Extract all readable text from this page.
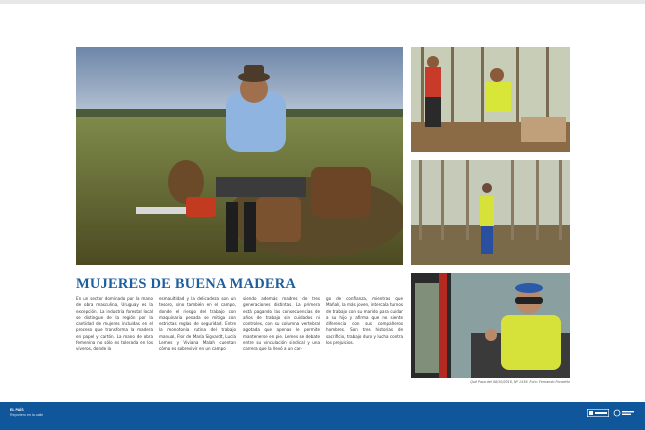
MUJERES DE BUENA MADERA

En un sector dominado por la mano de obra masculina, Uruguay es la excepción. La industria forestal local se distingue de la región por la cantidad de mujeres incluidas en el proceso que transforma la madera en papel y cartón. La mano de obra femenina no sólo es tolerada en los viveros, donde la

esmaultidad y la delicadeza son un tesoro, sino también en el campo, donde el riesgo del trabajo con maquinaria pesada se mitiga con estrictas reglas de seguridad. Entre la monotonía rutina del trabajo manual, Flor de María Sigvardt, Lucía Lemes y Viviana Malah cuentan cómo es sobrevivir en un campo

siendo además madres de tres generaciones distintas. La primera está pagando las consecuencias de años de trabajo sin cuidados ni controles, con su columna vertebral agotada que apenas le permite mantenerse en pie. Lemes se debate entre su vinculación sindical y una carrera que la llevó a un car-

go de confianza, mientras que Mañalí, la más joven, intercala turnos de trabajo con su marido para cuidar a su hijo y afirma que no siente diferencia con sus compañeros hombres. Son tres historias de sacrificio, trabajo duro y lucha contra los prejuicios.

Qué Pasa del 08/10/2016, Nº 1438. Foto: Fernando Ponzetto
EL PAÍS
Reportero en la calle
